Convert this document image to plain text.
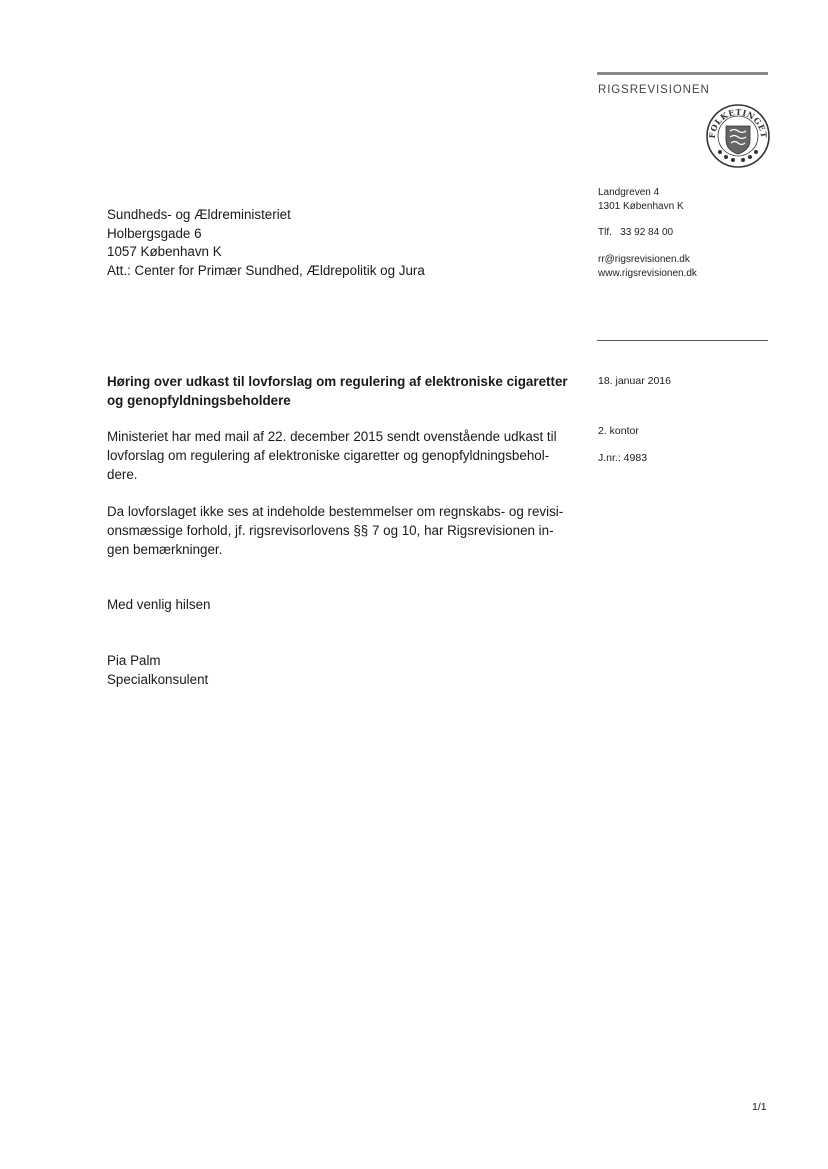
RIGSREVISIONEN
FOLKETINGET
Landgreven 4
1301 København K
Tlf. 33 92 84 00
rr@rigsrevisionen.dk
www.rigsrevisionen.dk
Sundheds- og Ældreministeriet
Holbergsgade 6
1057 København K
Att.: Center for Primær Sundhed, Ældrepolitik og Jura
Høring over udkast til lovforslag om regulering af elektroniske cigaretter
og genopfyldningsbeholdere
18. januar 2016
2. kontor
J.nr.: 4983
Ministeriet har med mail af 22. december 2015 sendt ovenstående udkast til
lovforslag om regulering af elektroniske cigaretter og genopfyldningsbehol-
dere.
Da lovforslaget ikke ses at indeholde bestemmelser om regnskabs- og revisi-
onsmæssige forhold, jf. rigsrevisorlovens §§ 7 og 10, har Rigsrevisionen in-
gen bemærkninger.
Med venlig hilsen
Pia Palm
Specialkonsulent
1/1
